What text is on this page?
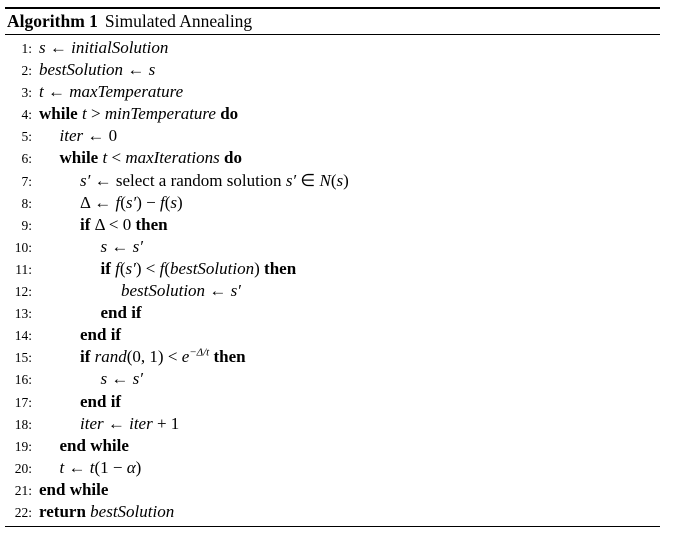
Algorithm 1 Simulated Annealing
1: s ← initialSolution
2: bestSolution ← s
3: t ← maxTemperature
4: while t > minTemperature do
5:	iter ← 0
6:	while t < maxIterations do
7:	s′ ← select a random solution s′ ∈ N(s)
8:	Δ ← f(s′) − f(s)
9:	if Δ < 0 then
10:	s ← s′
11:	if f(s′) < f(bestSolution) then
12:	bestSolution ← s′
13:	end if
14:	end if
15:	if rand(0, $1) < e^{-\Delta/t}$ then
16:	s ← s′
17:	end if
18:	iter ← iter + 1
19:	end while
20:	t ← t(1 − α)
21: end while
22: return bestSolution
